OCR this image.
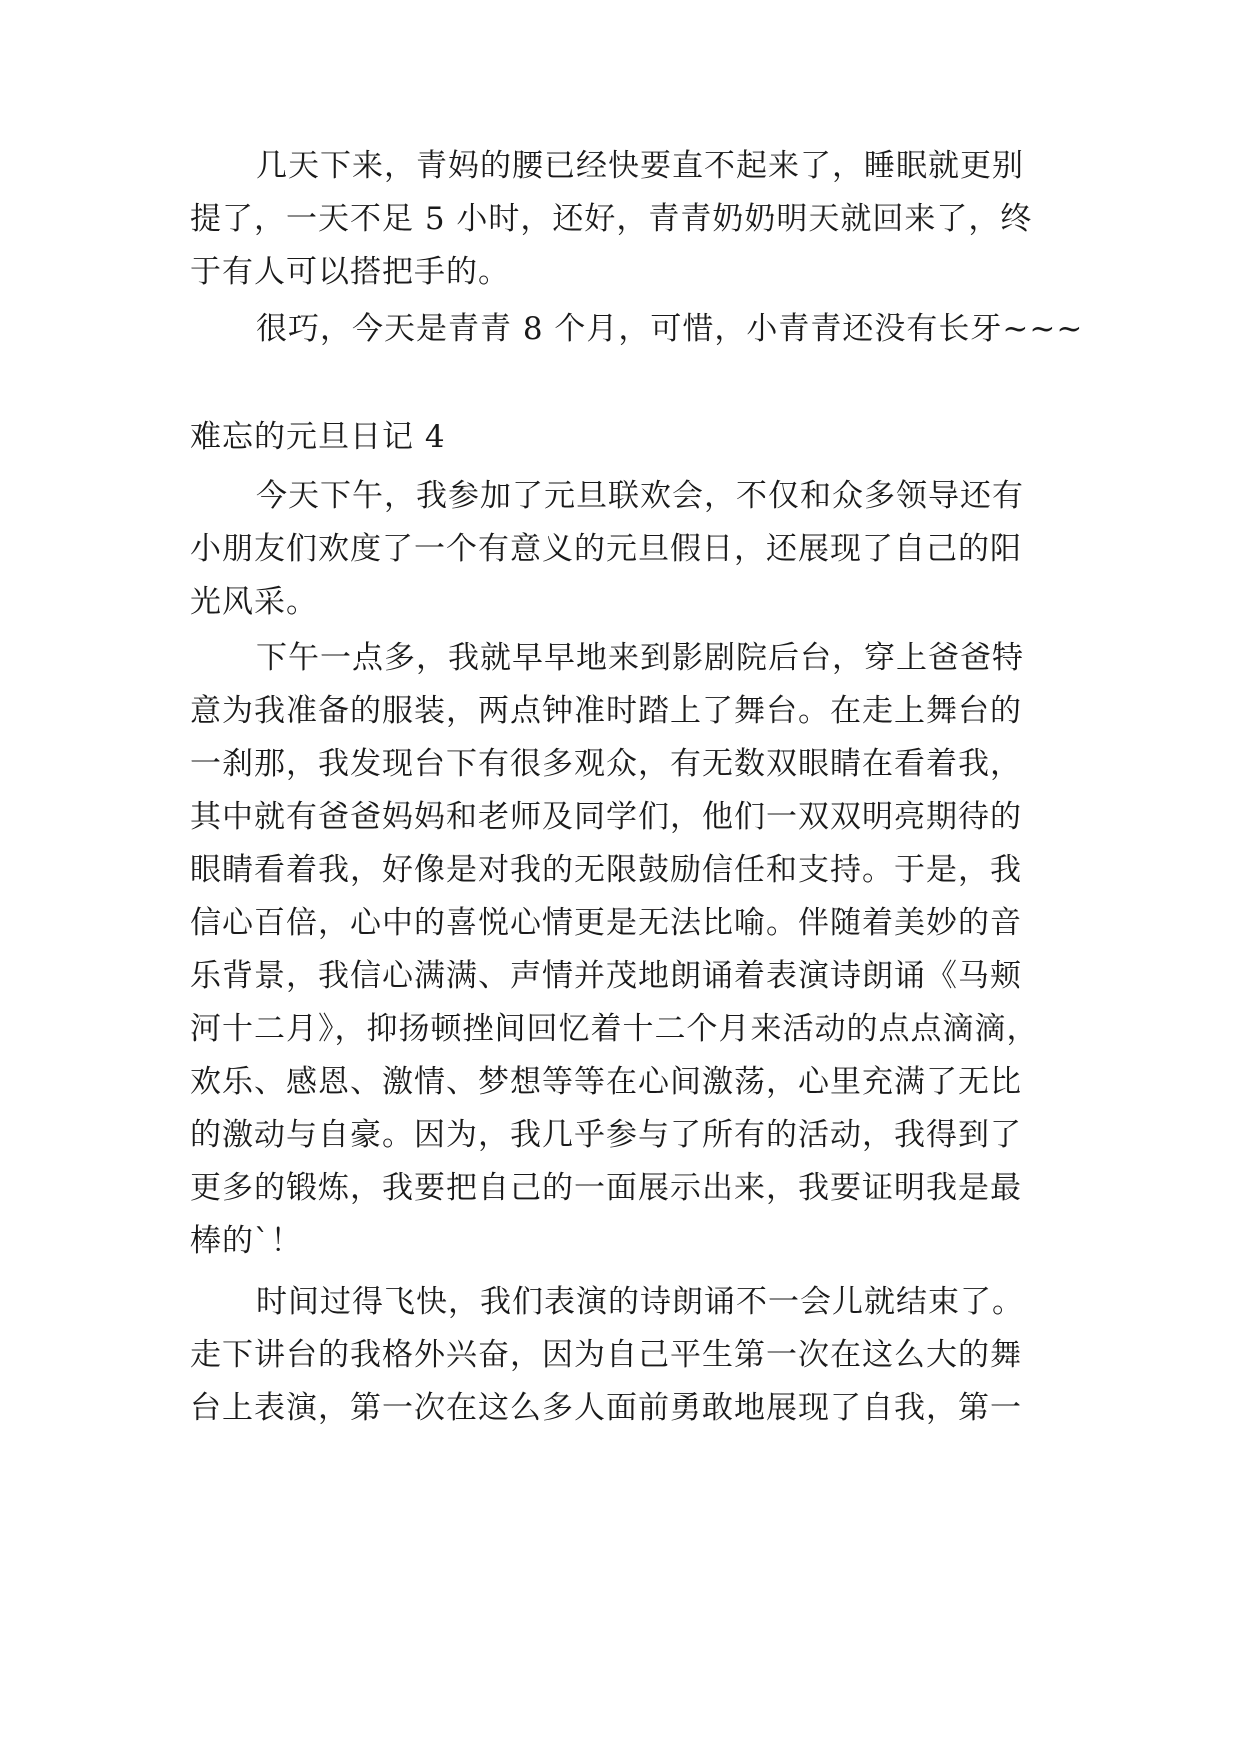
几天下来，青妈的腰已经快要直不起来了，睡眠就更别
提了，一天不足 5 小时，还好，青青奶奶明天就回来了，终
于有人可以搭把手的。
很巧，今天是青青 8 个月，可惜，小青青还没有长牙~~~
难忘的元旦日记 4
今天下午，我参加了元旦联欢会，不仅和众多领导还有
小朋友们欢度了一个有意义的元旦假日，还展现了自己的阳
光风采。
下午一点多，我就早早地来到影剧院后台，穿上爸爸特
意为我准备的服装，两点钟准时踏上了舞台。在走上舞台的
一刹那，我发现台下有很多观众，有无数双眼睛在看着我，
其中就有爸爸妈妈和老师及同学们，他们一双双明亮期待的
眼睛看着我，好像是对我的无限鼓励信任和支持。于是，我
信心百倍，心中的喜悦心情更是无法比喻。伴随着美妙的音
乐背景，我信心满满、声情并茂地朗诵着表演诗朗诵《马颊
河十二月》，抑扬顿挫间回忆着十二个月来活动的点点滴滴，
欢乐、感恩、激情、梦想等等在心间激荡，心里充满了无比
的激动与自豪。因为，我几乎参与了所有的活动，我得到了
更多的锻炼，我要把自己的一面展示出来，我要证明我是最
棒的`！
时间过得飞快，我们表演的诗朗诵不一会儿就结束了。
走下讲台的我格外兴奋，因为自己平生第一次在这么大的舞
台上表演，第一次在这么多人面前勇敢地展现了自我，第一
